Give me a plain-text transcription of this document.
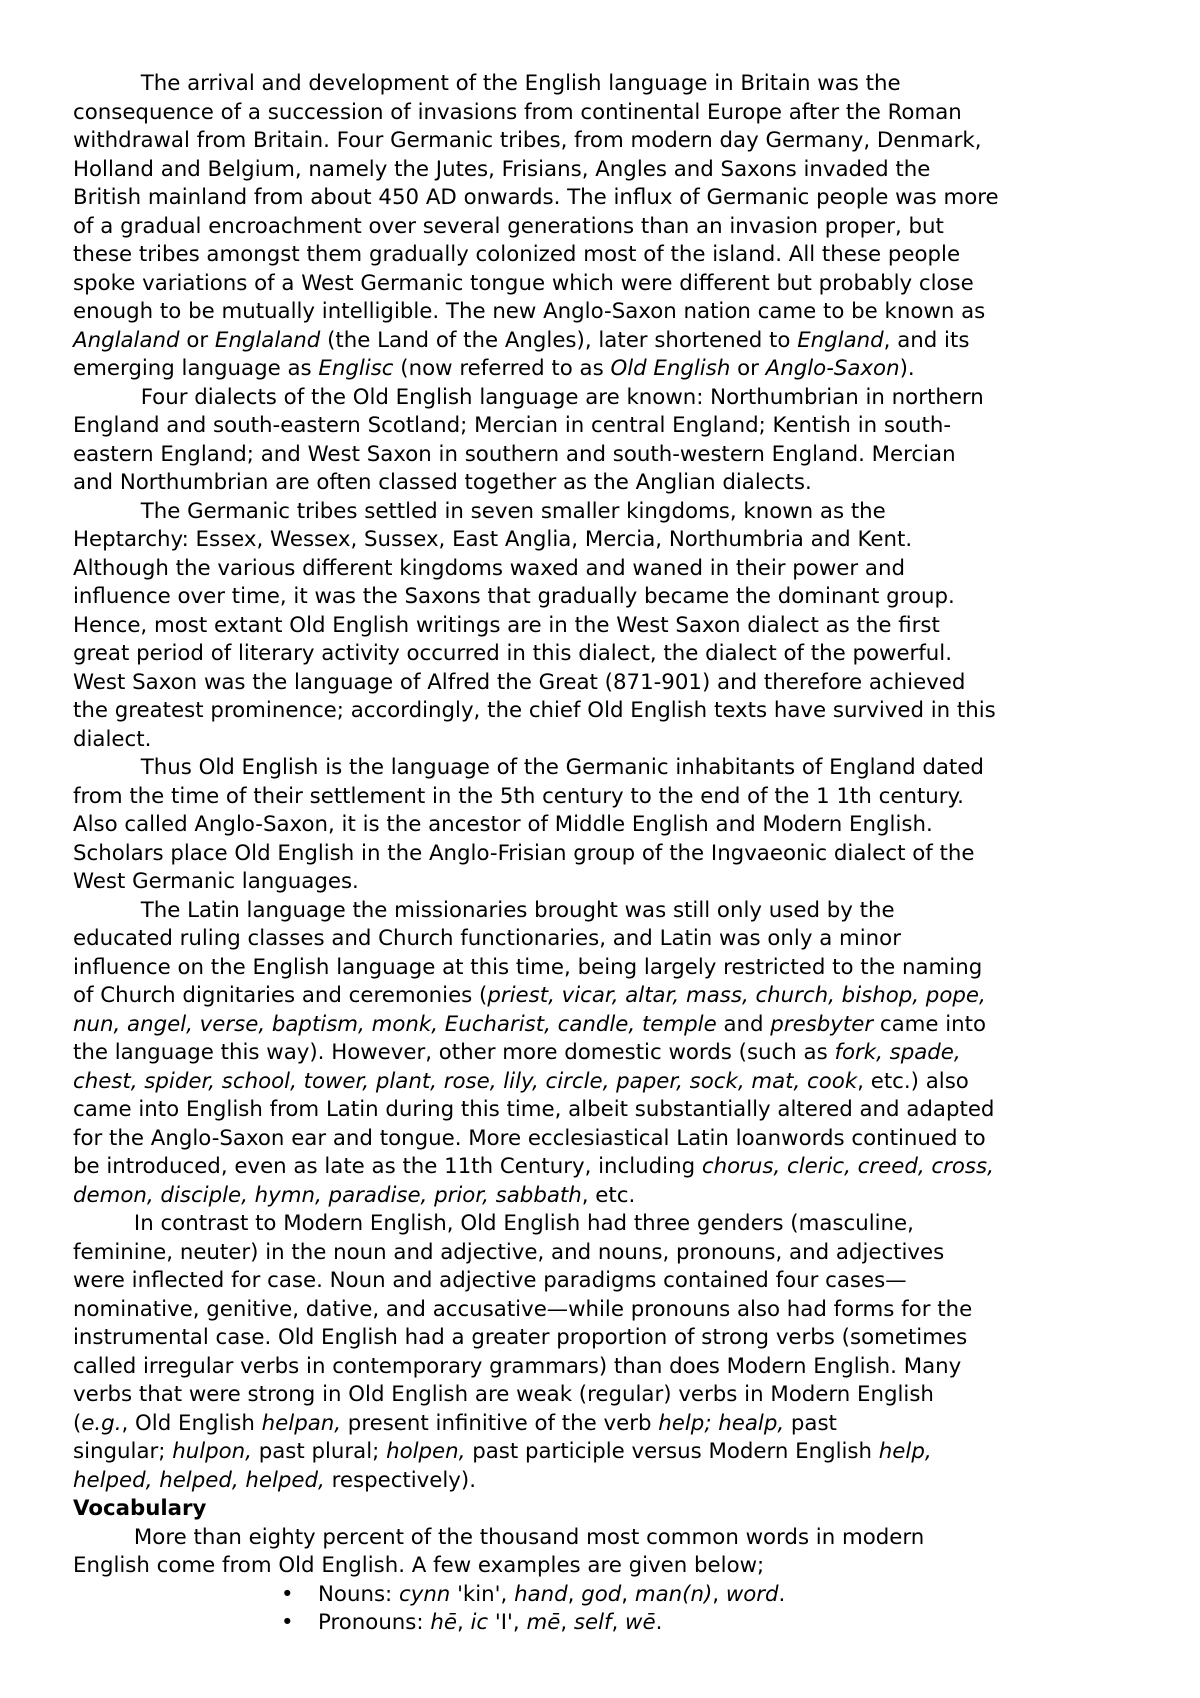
The arrival and development of the English language in Britain was the
consequence of a succession of invasions from continental Europe after the Roman
withdrawal from Britain. Four Germanic tribes, from modern day Germany, Denmark,
Holland and Belgium, namely the Jutes, Frisians, Angles and Saxons invaded the
British mainland from about 450 AD onwards. The influx of Germanic people was more
of a gradual encroachment over several generations than an invasion proper, but
these tribes amongst them gradually colonized most of the island. All these people
spoke variations of a West Germanic tongue which were different but probably close
enough to be mutually intelligible. The new Anglo-Saxon nation came to be known as
Anglaland or Englaland (the Land of the Angles), later shortened to England, and its
emerging language as Englisc (now referred to as Old English or Anglo-Saxon).
Four dialects of the Old English language are known: Northumbrian in northern
England and south-eastern Scotland; Mercian in central England; Kentish in south-
eastern England; and West Saxon in southern and south-western England. Mercian
and Northumbrian are often classed together as the Anglian dialects.
The Germanic tribes settled in seven smaller kingdoms, known as the
Heptarchy: Essex, Wessex, Sussex, East Anglia, Mercia, Northumbria and Kent.
Although the various different kingdoms waxed and waned in their power and
influence over time, it was the Saxons that gradually became the dominant group.
Hence, most extant Old English writings are in the West Saxon dialect as the first
great period of literary activity occurred in this dialect, the dialect of the powerful.
West Saxon was the language of Alfred the Great (871-901) and therefore achieved
the greatest prominence; accordingly, the chief Old English texts have survived in this
dialect.
Thus Old English is the language of the Germanic inhabitants of England dated
from the time of their settlement in the 5th century to the end of the 1 1th century.
Also called Anglo-Saxon, it is the ancestor of Middle English and Modern English.
Scholars place Old English in the Anglo-Frisian group of the Ingvaeonic dialect of the
West Germanic languages.
The Latin language the missionaries brought was still only used by the
educated ruling classes and Church functionaries, and Latin was only a minor
influence on the English language at this time, being largely restricted to the naming
of Church dignitaries and ceremonies (priest, vicar, altar, mass, church, bishop, pope,
nun, angel, verse, baptism, monk, Eucharist, candle, temple and presbyter came into
the language this way). However, other more domestic words (such as fork, spade,
chest, spider, school, tower, plant, rose, lily, circle, paper, sock, mat, cook, etc.) also
came into English from Latin during this time, albeit substantially altered and adapted
for the Anglo-Saxon ear and tongue. More ecclesiastical Latin loanwords continued to
be introduced, even as late as the 11th Century, including chorus, cleric, creed, cross,
demon, disciple, hymn, paradise, prior, sabbath, etc.
In contrast to Modern English, Old English had three genders (masculine,
feminine, neuter) in the noun and adjective, and nouns, pronouns, and adjectives
were inflected for case. Noun and adjective paradigms contained four cases—
nominative, genitive, dative, and accusative—while pronouns also had forms for the
instrumental case. Old English had a greater proportion of strong verbs (sometimes
called irregular verbs in contemporary grammars) than does Modern English. Many
verbs that were strong in Old English are weak (regular) verbs in Modern English
(e.g., Old English helpan, present infinitive of the verb help; healp, past
singular; hulpon, past plural; holpen, past participle versus Modern English help,
helped, helped, helped, respectively).
Vocabulary
More than eighty percent of the thousand most common words in modern
English come from Old English. A few examples are given below;
• Nouns: cynn 'kin', hand, god, man(n), word.
• Pronouns: hē, ic 'I', mē, self, wē.
